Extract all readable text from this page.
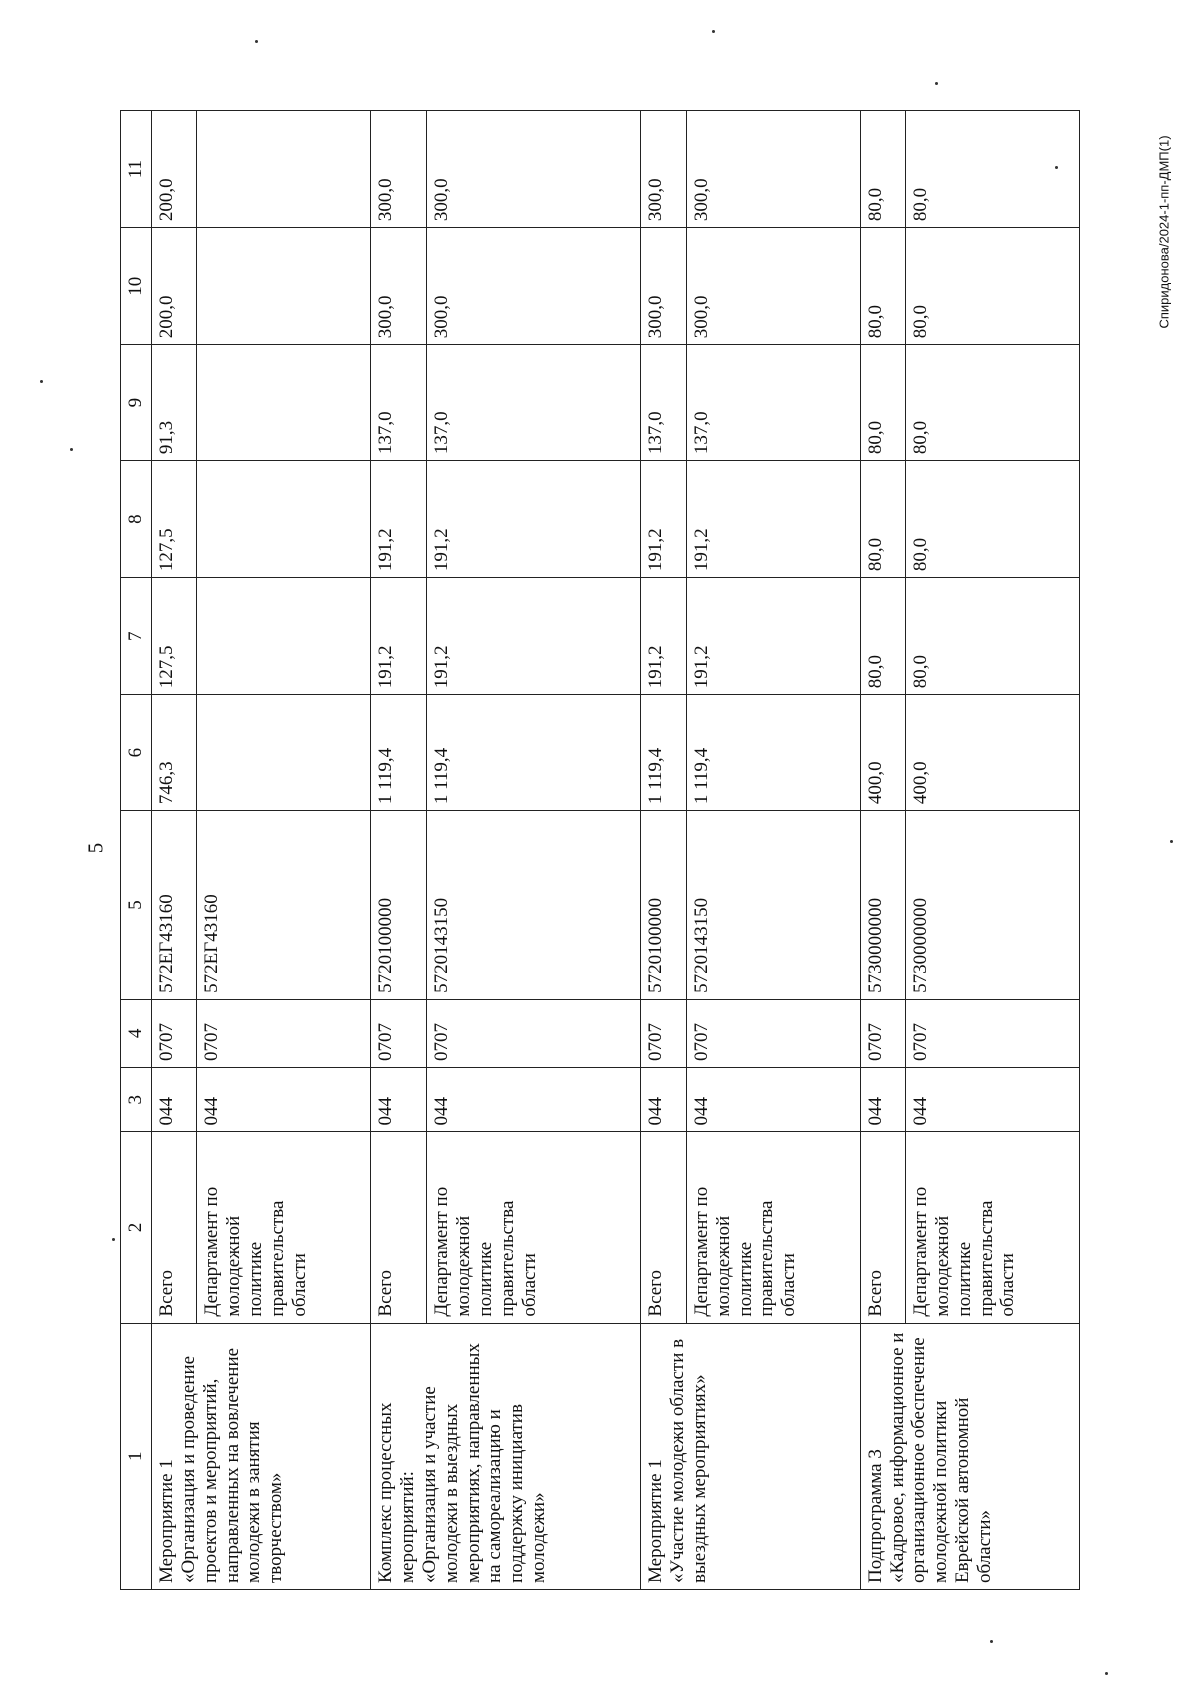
5
Спиридонова/2024-1-пп-ДМП(1)
1	2	3	4	5	6	7	8	9	10	11
Мероприятие 1
«Организация и проведение проектов и мероприятий, направленных на вовлечение молодежи в занятия творчеством»	Всего	044	0707	572ЕГ43160	746,3	127,5	127,5	91,3	200,0	200,0
	Департамент по молодежной политике правительства области	044	0707	572ЕГ43160						
Комплекс процессных мероприятий:
«Организация и участие молодежи в выездных мероприятиях, направленных на самореализацию и поддержку инициатив молодежи»	Всего	044	0707	5720100000	1 119,4	191,2	191,2	137,0	300,0	300,0
	Департамент по молодежной политике правительства области	044	0707	5720143150	1 119,4	191,2	191,2	137,0	300,0	300,0
Мероприятие 1
«Участие молодежи области в выездных мероприятиях»	Всего	044	0707	5720100000	1 119,4	191,2	191,2	137,0	300,0	300,0
	Департамент по молодежной политике правительства области	044	0707	5720143150	1 119,4	191,2	191,2	137,0	300,0	300,0
Подпрограмма 3
«Кадровое, информационное и организационное обеспечение молодежной политики Еврейской автономной области»	Всего	044	0707	5730000000	400,0	80,0	80,0	80,0	80,0	80,0
	Департамент по молодежной политике правительства области	044	0707	5730000000	400,0	80,0	80,0	80,0	80,0	80,0
